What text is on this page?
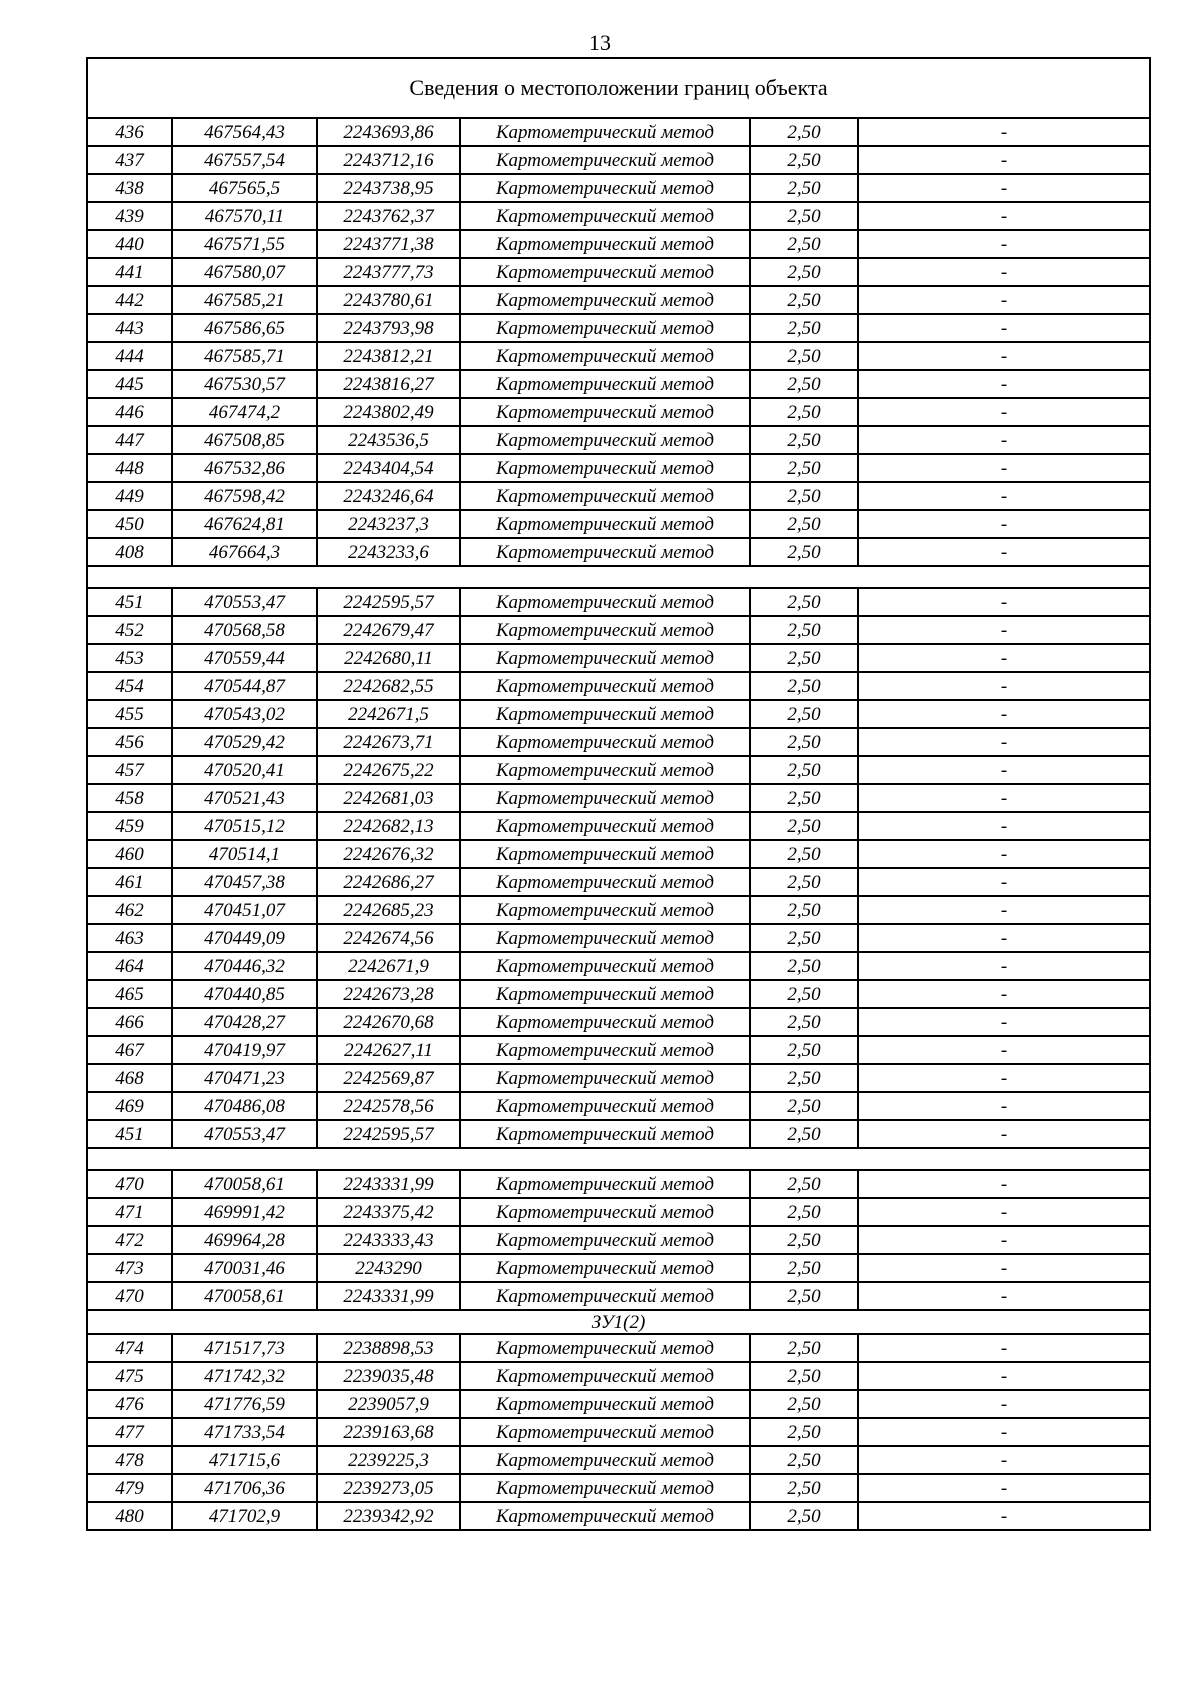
13
Сведения о местоположении границ объекта					
436	467564,43	2243693,86	Картометрический метод	2,50	-
437	467557,54	2243712,16	Картометрический метод	2,50	-
438	467565,5	2243738,95	Картометрический метод	2,50	-
439	467570,11	2243762,37	Картометрический метод	2,50	-
440	467571,55	2243771,38	Картометрический метод	2,50	-
441	467580,07	2243777,73	Картометрический метод	2,50	-
442	467585,21	2243780,61	Картометрический метод	2,50	-
443	467586,65	2243793,98	Картометрический метод	2,50	-
444	467585,71	2243812,21	Картометрический метод	2,50	-
445	467530,57	2243816,27	Картометрический метод	2,50	-
446	467474,2	2243802,49	Картометрический метод	2,50	-
447	467508,85	2243536,5	Картометрический метод	2,50	-
448	467532,86	2243404,54	Картометрический метод	2,50	-
449	467598,42	2243246,64	Картометрический метод	2,50	-
450	467624,81	2243237,3	Картометрический метод	2,50	-
408	467664,3	2243233,6	Картометрический метод	2,50	-

451	470553,47	2242595,57	Картометрический метод	2,50	-
452	470568,58	2242679,47	Картометрический метод	2,50	-
453	470559,44	2242680,11	Картометрический метод	2,50	-
454	470544,87	2242682,55	Картометрический метод	2,50	-
455	470543,02	2242671,5	Картометрический метод	2,50	-
456	470529,42	2242673,71	Картометрический метод	2,50	-
457	470520,41	2242675,22	Картометрический метод	2,50	-
458	470521,43	2242681,03	Картометрический метод	2,50	-
459	470515,12	2242682,13	Картометрический метод	2,50	-
460	470514,1	2242676,32	Картометрический метод	2,50	-
461	470457,38	2242686,27	Картометрический метод	2,50	-
462	470451,07	2242685,23	Картометрический метод	2,50	-
463	470449,09	2242674,56	Картометрический метод	2,50	-
464	470446,32	2242671,9	Картометрический метод	2,50	-
465	470440,85	2242673,28	Картометрический метод	2,50	-
466	470428,27	2242670,68	Картометрический метод	2,50	-
467	470419,97	2242627,11	Картометрический метод	2,50	-
468	470471,23	2242569,87	Картометрический метод	2,50	-
469	470486,08	2242578,56	Картометрический метод	2,50	-
451	470553,47	2242595,57	Картометрический метод	2,50	-

470	470058,61	2243331,99	Картометрический метод	2,50	-
471	469991,42	2243375,42	Картометрический метод	2,50	-
472	469964,28	2243333,43	Картометрический метод	2,50	-
473	470031,46	2243290	Картометрический метод	2,50	-
470	470058,61	2243331,99	Картометрический метод	2,50	-
ЗУ1(2)					
474	471517,73	2238898,53	Картометрический метод	2,50	-
475	471742,32	2239035,48	Картометрический метод	2,50	-
476	471776,59	2239057,9	Картометрический метод	2,50	-
477	471733,54	2239163,68	Картометрический метод	2,50	-
478	471715,6	2239225,3	Картометрический метод	2,50	-
479	471706,36	2239273,05	Картометрический метод	2,50	-
480	471702,9	2239342,92	Картометрический метод	2,50	-
